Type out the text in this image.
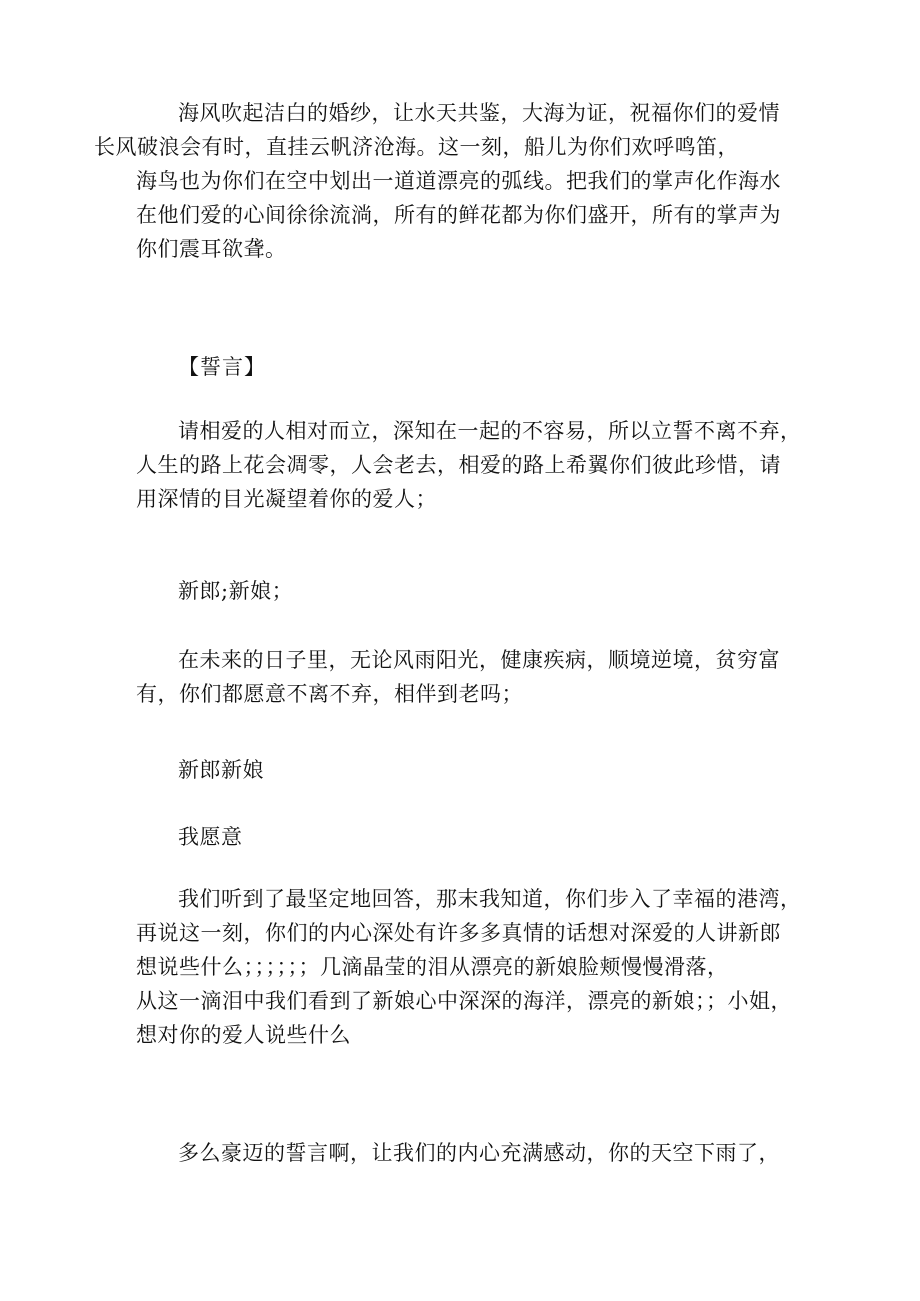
海风吹起洁白的婚纱，让水天共鉴，大海为证，祝福你们的爱情
长风破浪会有时，直挂云帆济沧海。这一刻，船儿为你们欢呼鸣笛，
海鸟也为你们在空中划出一道道漂亮的弧线。把我们的掌声化作海水
在他们爱的心间徐徐流淌，所有的鲜花都为你们盛开，所有的掌声为
你们震耳欲聋。

【誓言】

请相爱的人相对而立，深知在一起的不容易，所以立誓不离不弃，
人生的路上花会凋零，人会老去，相爱的路上希翼你们彼此珍惜，请
用深情的目光凝望着你的爱人；

新郎;新娘；

在未来的日子里，无论风雨阳光，健康疾病，顺境逆境，贫穷富
有，你们都愿意不离不弃，相伴到老吗；

新郎新娘

我愿意

我们听到了最坚定地回答，那末我知道，你们步入了幸福的港湾，
再说这一刻，你们的内心深处有许多多真情的话想对深爱的人讲新郎
想说些什么；；；；；；几滴晶莹的泪从漂亮的新娘脸颊慢慢滑落，
从这一滴泪中我们看到了新娘心中深深的海洋，漂亮的新娘；；小姐，
想对你的爱人说些什么

多么豪迈的誓言啊，让我们的内心充满感动，你的天空下雨了，
